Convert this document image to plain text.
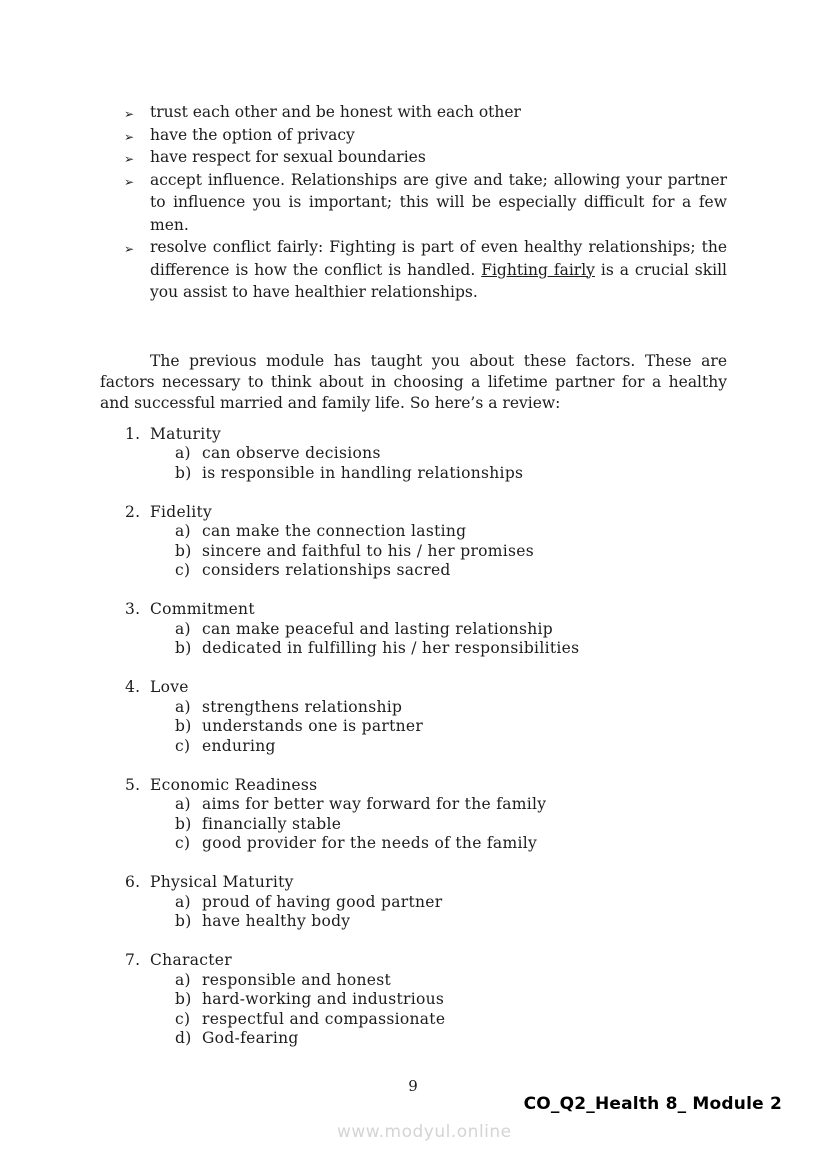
➢ trust each other and be honest with each other
➢ have the option of privacy
➢ have respect for sexual boundaries
➢ accept influence. Relationships are give and take; allowing your partner to influence you is important; this will be especially difficult for a few men.
➢ resolve conflict fairly: Fighting is part of even healthy relationships; the difference is how the conflict is handled. Fighting fairly is a crucial skill you assist to have healthier relationships.

The previous module has taught you about these factors. These are factors necessary to think about in choosing a lifetime partner for a healthy and successful married and family life. So here’s a review:

1. Maturity
a) can observe decisions
b) is responsible in handling relationships
2. Fidelity
a) can make the connection lasting
b) sincere and faithful to his / her promises
c) considers relationships sacred
3. Commitment
a) can make peaceful and lasting relationship
b) dedicated in fulfilling his / her responsibilities
4. Love
a) strengthens relationship
b) understands one is partner
c) enduring
5. Economic Readiness
a) aims for better way forward for the family
b) financially stable
c) good provider for the needs of the family
6. Physical Maturity
a) proud of having good partner
b) have healthy body
7. Character
a) responsible and honest
b) hard-working and industrious
c) respectful and compassionate
d) God-fearing
9
CO_Q2_Health 8_ Module 2
www.modyul.online
